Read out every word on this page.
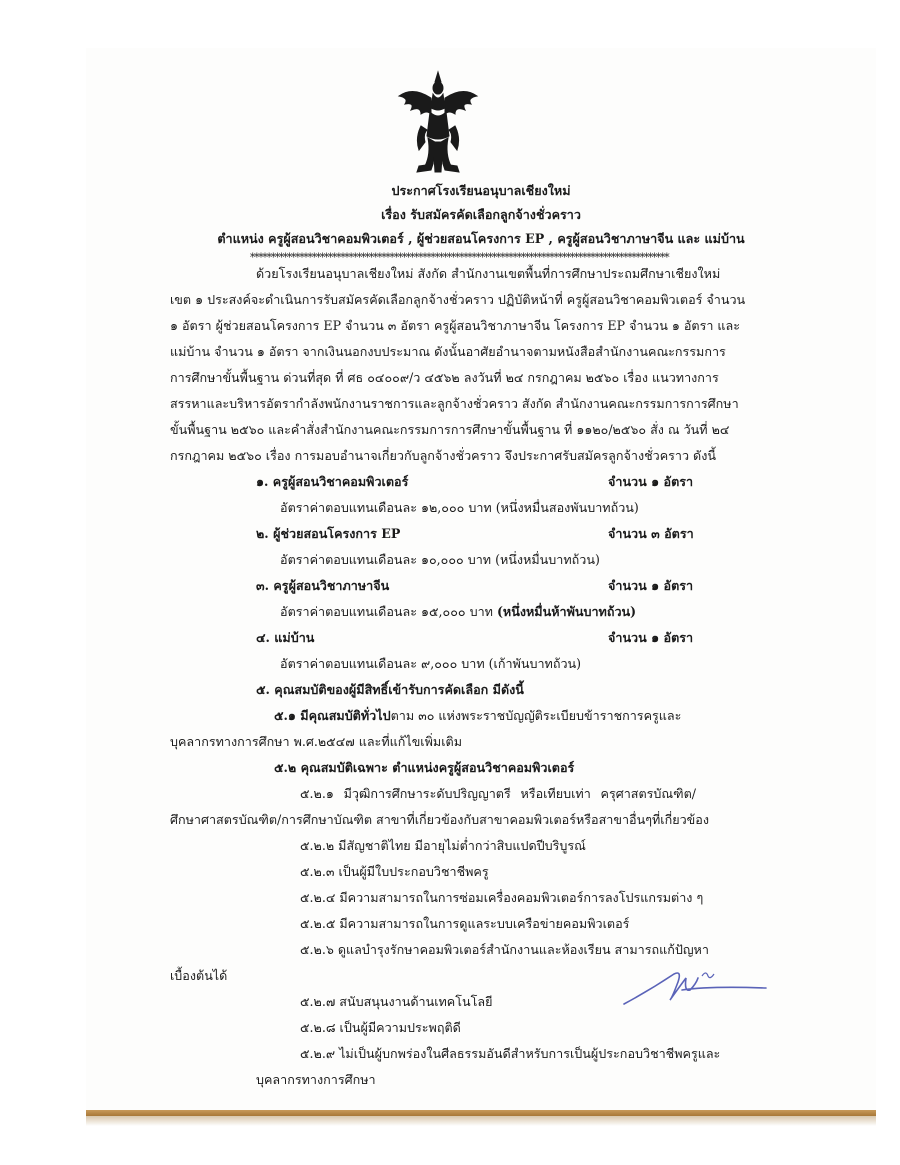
ประกาศโรงเรียนอนุบาลเชียงใหม่
เรื่อง รับสมัครคัดเลือกลูกจ้างชั่วคราว
ตำแหน่ง ครูผู้สอนวิชาคอมพิวเตอร์ , ผู้ช่วยสอนโครงการ EP , ครูผู้สอนวิชาภาษาจีน และ แม่บ้าน
******************************************************************************************************
ด้วยโรงเรียนอนุบาลเชียงใหม่ สังกัด สำนักงานเขตพื้นที่การศึกษาประถมศึกษาเชียงใหม่
เขต ๑ ประสงค์จะดำเนินการรับสมัครคัดเลือกลูกจ้างชั่วคราว ปฏิบัติหน้าที่ ครูผู้สอนวิชาคอมพิวเตอร์ จำนวน
๑ อัตรา ผู้ช่วยสอนโครงการ EP จำนวน ๓ อัตรา ครูผู้สอนวิชาภาษาจีน โครงการ EP จำนวน ๑ อัตรา และ
แม่บ้าน จำนวน ๑ อัตรา จากเงินนอกงบประมาณ ดังนั้นอาศัยอำนาจตามหนังสือสำนักงานคณะกรรมการ
การศึกษาขั้นพื้นฐาน ด่วนที่สุด ที่ ศธ ๐๔๐๐๙/ว ๔๕๖๒ ลงวันที่ ๒๔ กรกฎาคม ๒๕๖๐ เรื่อง แนวทางการ
สรรหาและบริหารอัตรากำลังพนักงานราชการและลูกจ้างชั่วคราว สังกัด สำนักงานคณะกรรมการการศึกษา
ขั้นพื้นฐาน ๒๕๖๐ และคำสั่งสำนักงานคณะกรรมการการศึกษาขั้นพื้นฐาน ที่ ๑๑๒๐/๒๕๖๐ สั่ง ณ วันที่ ๒๔
กรกฎาคม ๒๕๖๐ เรื่อง การมอบอำนาจเกี่ยวกับลูกจ้างชั่วคราว จึงประกาศรับสมัครลูกจ้างชั่วคราว ดังนี้
๑. ครูผู้สอนวิชาคอมพิวเตอร์	จำนวน ๑ อัตรา
อัตราค่าตอบแทนเดือนละ ๑๒,๐๐๐ บาท (หนึ่งหมื่นสองพันบาทถ้วน)
๒. ผู้ช่วยสอนโครงการ EP	จำนวน ๓ อัตรา
อัตราค่าตอบแทนเดือนละ ๑๐,๐๐๐ บาท (หนึ่งหมื่นบาทถ้วน)
๓. ครูผู้สอนวิชาภาษาจีน	จำนวน ๑ อัตรา
อัตราค่าตอบแทนเดือนละ ๑๕,๐๐๐ บาท (หนึ่งหมื่นห้าพันบาทถ้วน)
๔. แม่บ้าน	จำนวน ๑ อัตรา
อัตราค่าตอบแทนเดือนละ ๙,๐๐๐ บาท (เก้าพันบาทถ้วน)
๕. คุณสมบัติของผู้มีสิทธิ์เข้ารับการคัดเลือก มีดังนี้
๕.๑ มีคุณสมบัติทั่วไปตาม ๓๐ แห่งพระราชบัญญัติระเบียบข้าราชการครูและ
บุคลากรทางการศึกษา พ.ศ.๒๕๔๗ และที่แก้ไขเพิ่มเติม
๕.๒ คุณสมบัติเฉพาะ ตำแหน่งครูผู้สอนวิชาคอมพิวเตอร์
๕.๒.๑ มีวุฒิการศึกษาระดับปริญญาตรี หรือเทียบเท่า ครุศาสตรบัณฑิต/
ศึกษาศาสตรบัณฑิต/การศึกษาบัณฑิต สาขาที่เกี่ยวข้องกับสาขาคอมพิวเตอร์หรือสาขาอื่นๆที่เกี่ยวข้อง
๕.๒.๒ มีสัญชาติไทย มีอายุไม่ต่ำกว่าสิบแปดปีบริบูรณ์
๕.๒.๓ เป็นผู้มีใบประกอบวิชาชีพครู
๕.๒.๔ มีความสามารถในการซ่อมเครื่องคอมพิวเตอร์การลงโปรแกรมต่าง ๆ
๕.๒.๕ มีความสามารถในการดูแลระบบเครือข่ายคอมพิวเตอร์
๕.๒.๖ ดูแลบำรุงรักษาคอมพิวเตอร์สำนักงานและห้องเรียน สามารถแก้ปัญหา
เบื้องต้นได้
๕.๒.๗ สนับสนุนงานด้านเทคโนโลยี
๕.๒.๘ เป็นผู้มีความประพฤติดี
๕.๒.๙ ไม่เป็นผู้บกพร่องในศีลธรรมอันดีสำหรับการเป็นผู้ประกอบวิชาชีพครูและ
บุคลากรทางการศึกษา
